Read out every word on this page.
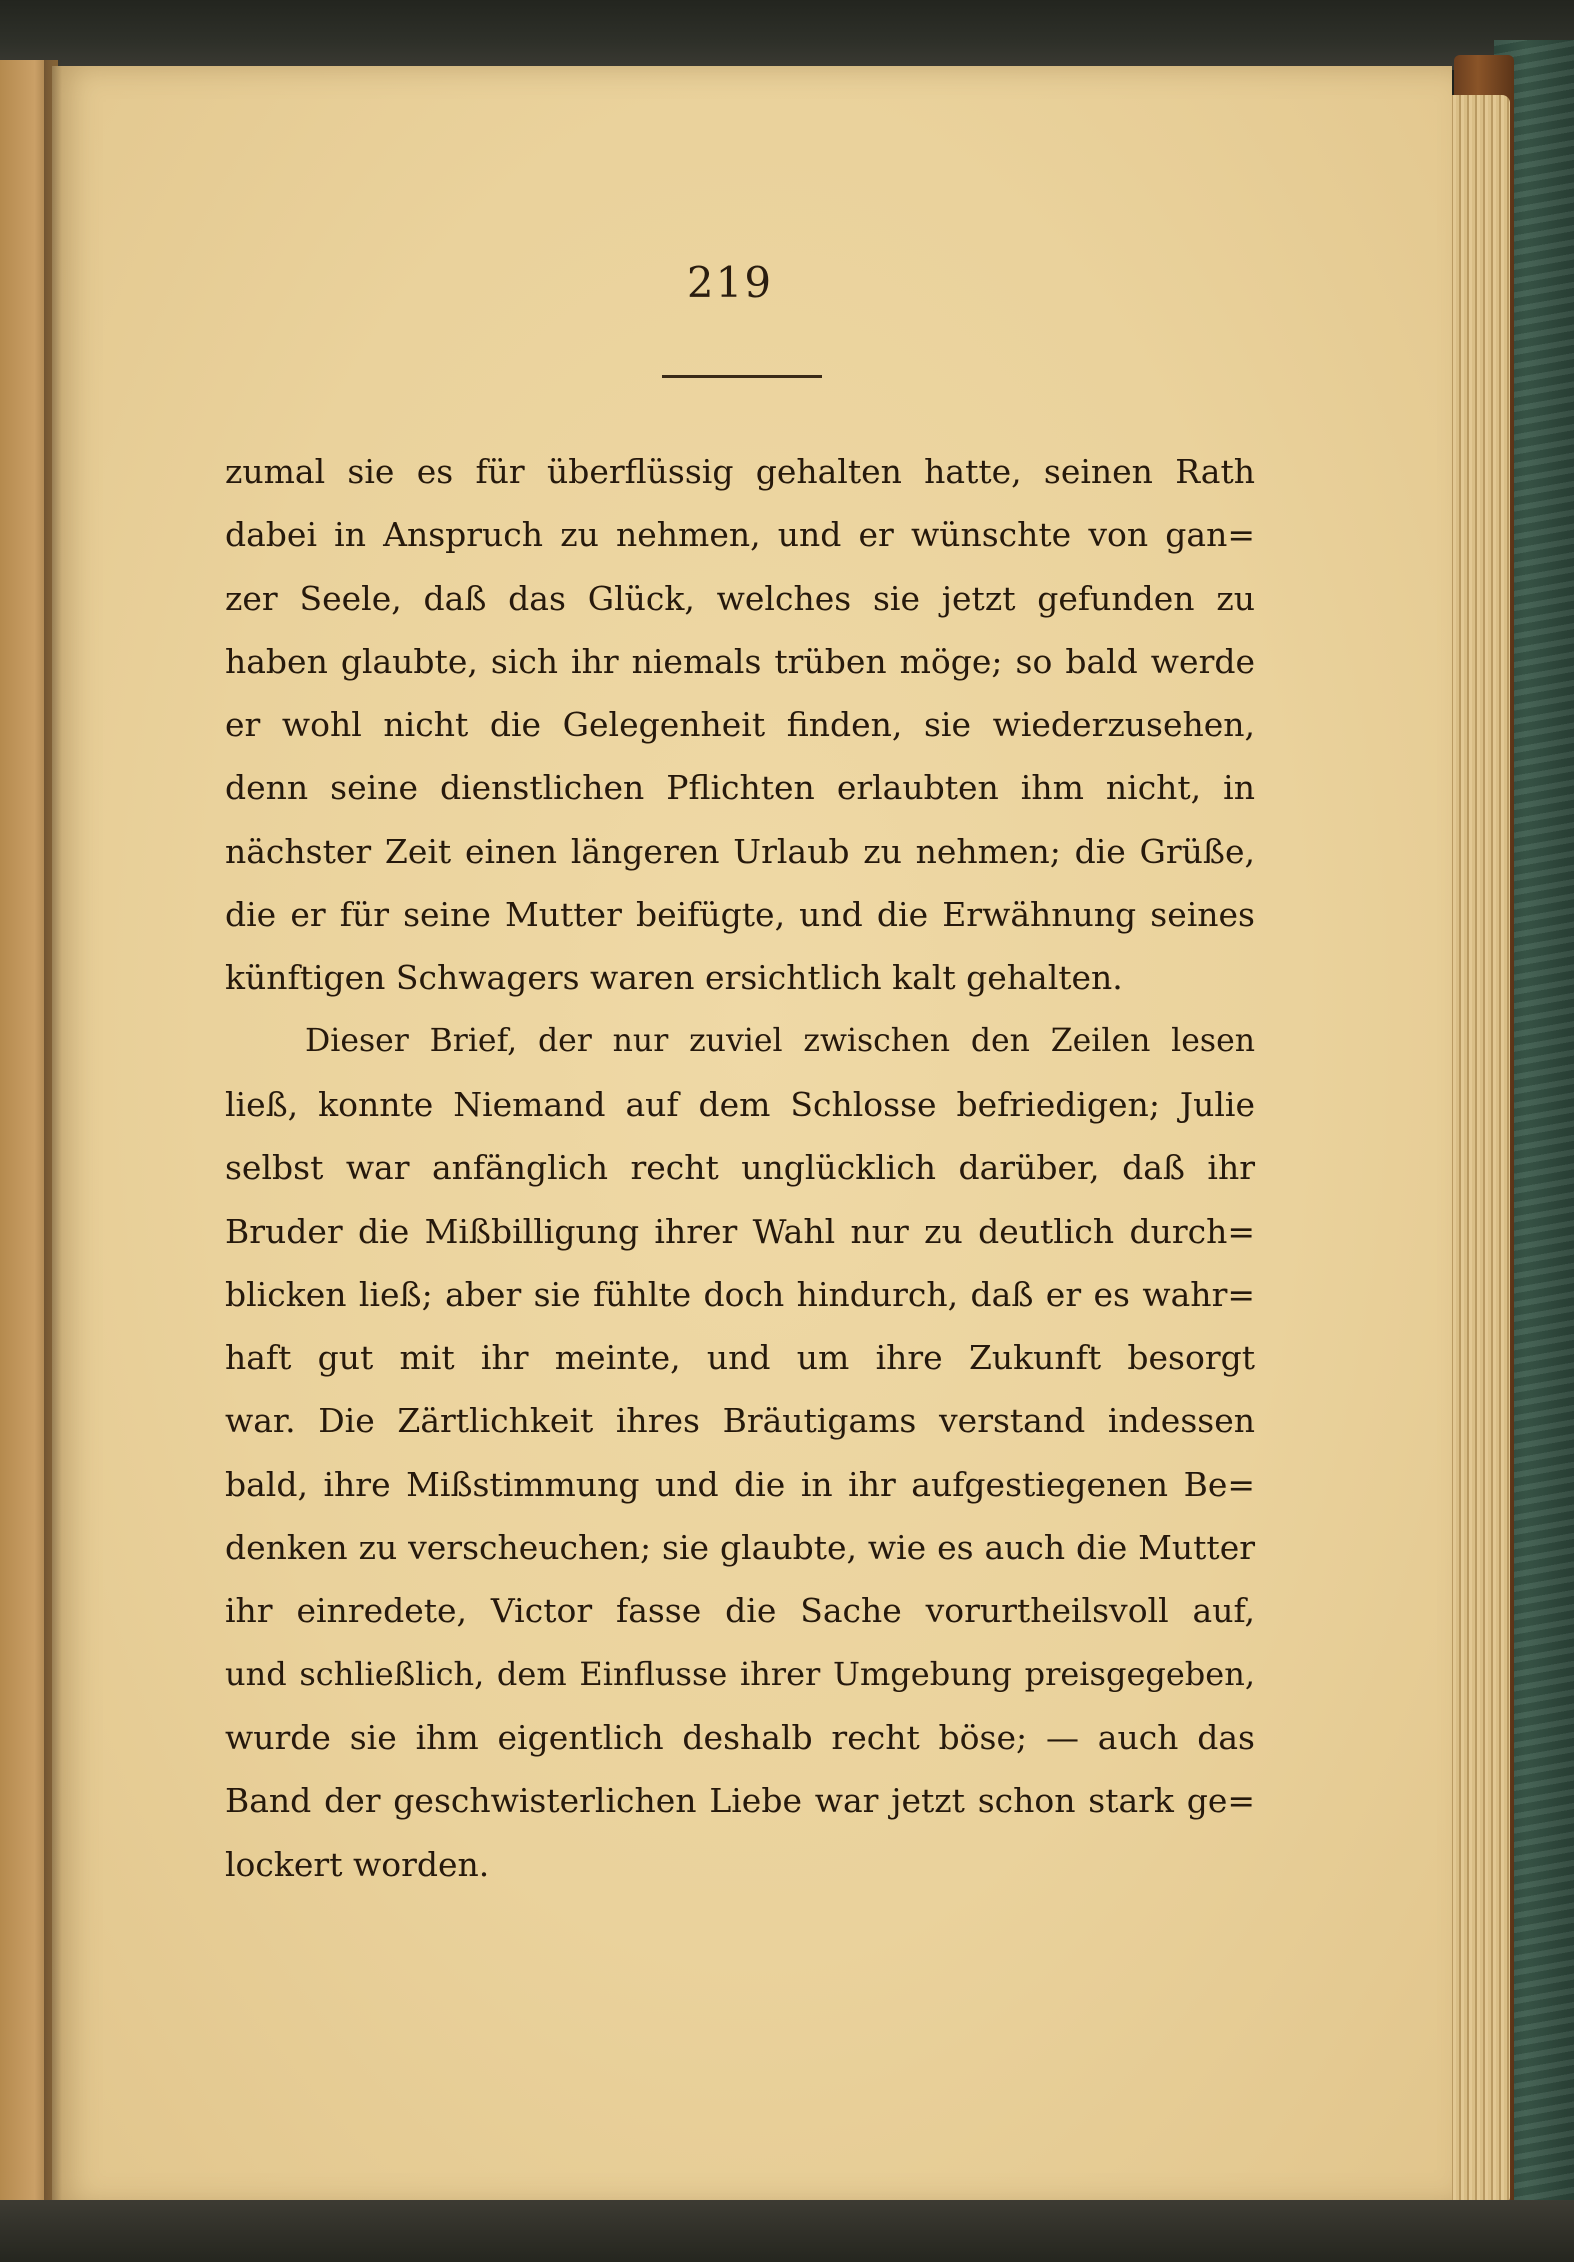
219
zumal sie es für überflüssig gehalten hatte, seinen Rath
dabei in Anspruch zu nehmen, und er wünschte von gan=
zer Seele, daß das Glück, welches sie jetzt gefunden zu
haben glaubte, sich ihr niemals trüben möge; so bald werde
er wohl nicht die Gelegenheit finden, sie wiederzusehen,
denn seine dienstlichen Pflichten erlaubten ihm nicht, in
nächster Zeit einen längeren Urlaub zu nehmen; die Grüße,
die er für seine Mutter beifügte, und die Erwähnung seines
künftigen Schwagers waren ersichtlich kalt gehalten.
Dieser Brief, der nur zuviel zwischen den Zeilen lesen
ließ, konnte Niemand auf dem Schlosse befriedigen; Julie
selbst war anfänglich recht unglücklich darüber, daß ihr
Bruder die Mißbilligung ihrer Wahl nur zu deutlich durch=
blicken ließ; aber sie fühlte doch hindurch, daß er es wahr=
haft gut mit ihr meinte, und um ihre Zukunft besorgt
war. Die Zärtlichkeit ihres Bräutigams verstand indessen
bald, ihre Mißstimmung und die in ihr aufgestiegenen Be=
denken zu verscheuchen; sie glaubte, wie es auch die Mutter
ihr einredete, Victor fasse die Sache vorurtheilsvoll auf,
und schließlich, dem Einflusse ihrer Umgebung preisgegeben,
wurde sie ihm eigentlich deshalb recht böse; — auch das
Band der geschwisterlichen Liebe war jetzt schon stark ge=
lockert worden.
